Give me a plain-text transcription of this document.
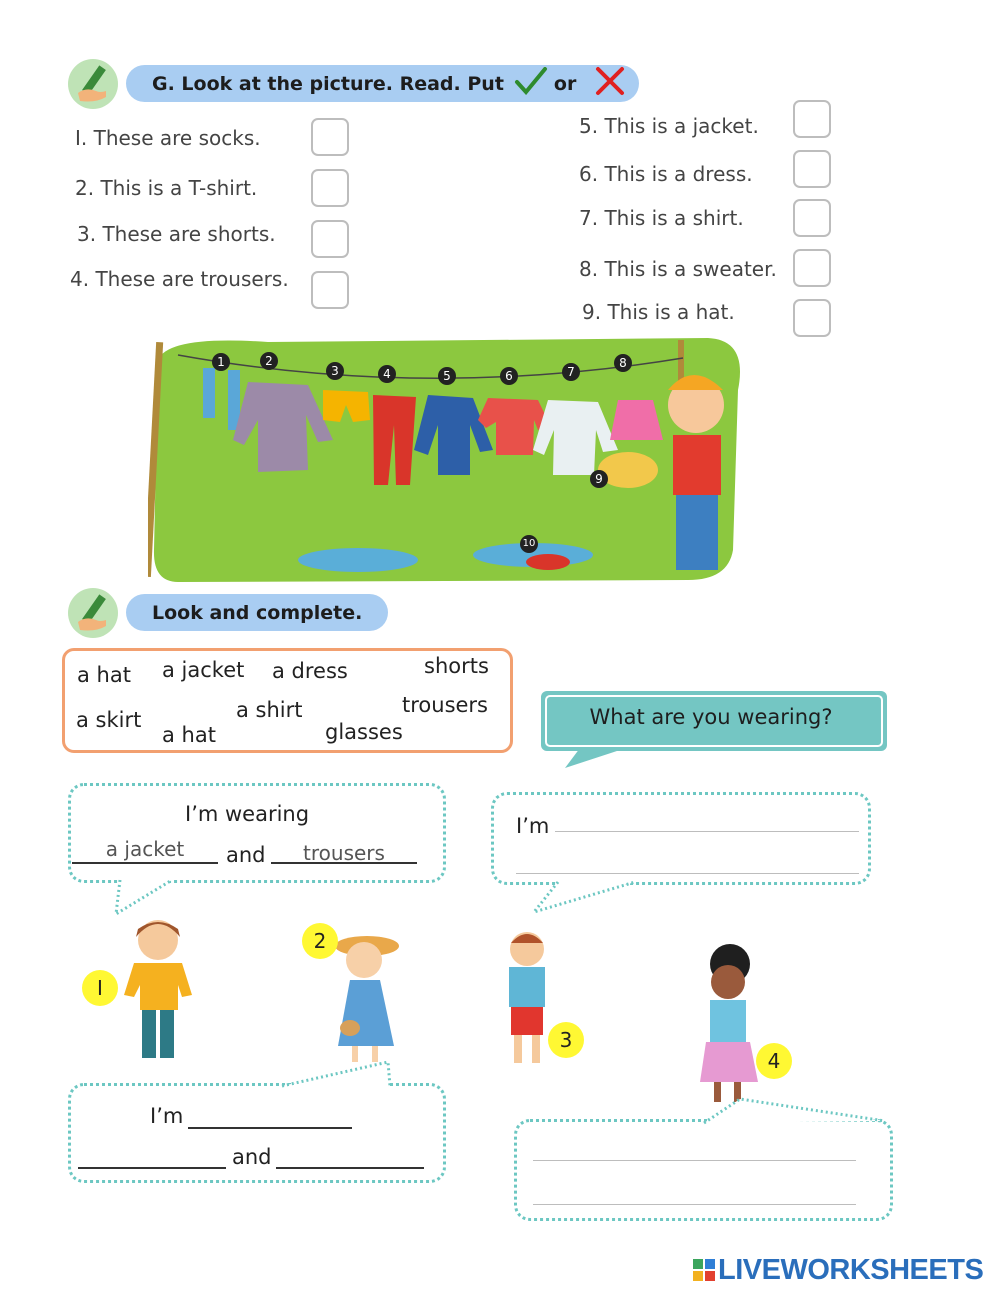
G. Look at the picture. Read. Put	or
I. These are socks.
2. This is a T-shirt.
3. These are shorts.
4. These are trousers.
5. This is a jacket.
6. This is a dress.
7. This is a shirt.
8. This is a sweater.
9. This is a hat.
1	2
3	4	5	6	7
8
9
10
Look and complete.
a hat a jacket a dress	shorts
a skirt
a hat
a shirt	trousers
glasses
What are you wearing?
I’m wearing
a jacket	and	trousers
I’m
I
2
3
4
I’m
and
LIVEWORKSHEETS
